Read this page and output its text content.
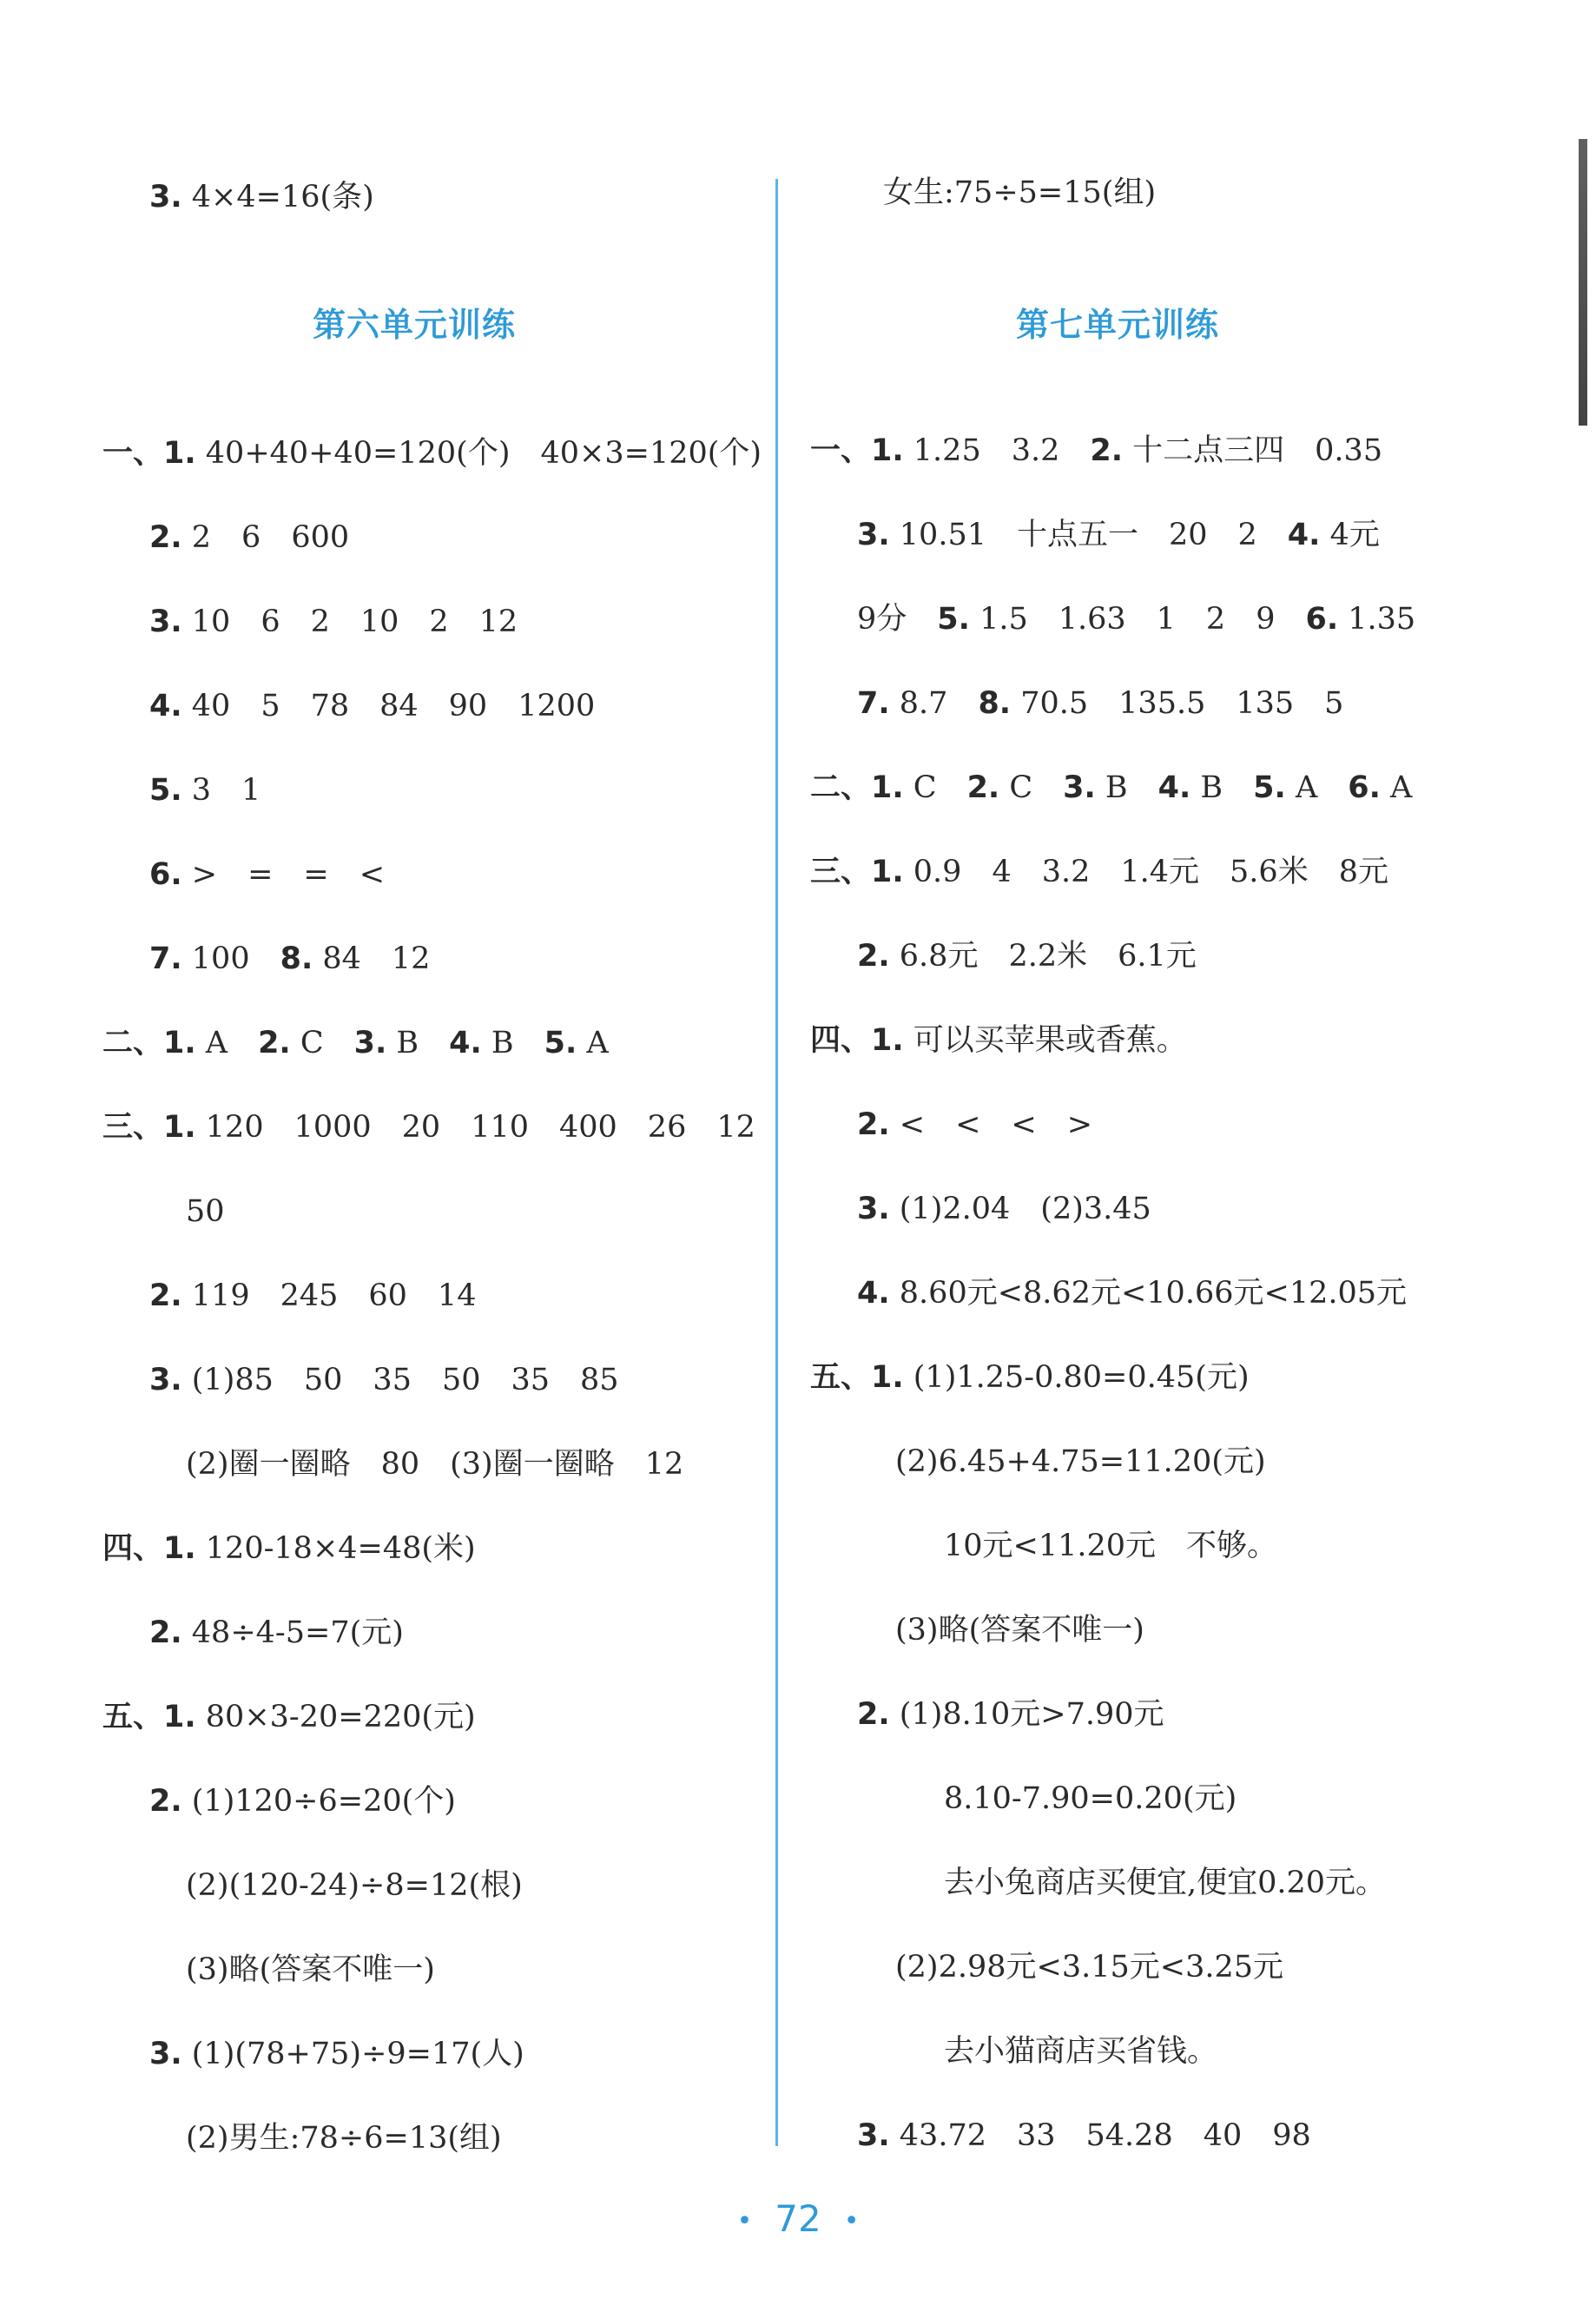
3. 4×4=16(条)
一、1. 40+40+40=120(个)　40×3=120(个)
2. 2　6　600
3. 10　6　2　10　2　12
4. 40　5　78　84　90　1200
5. 3　1
6. >　=　=　<
7. 100　8. 84　12
二、1. A　2. C　3. B　4. B　5. A
三、1. 120　1000　20　110　400　26　12
50
2. 119　245　60　14
3. (1)85　50　35　50　35　85
(2)圈一圈略　80　(3)圈一圈略　12
四、1. 120-18×4=48(米)
2. 48÷4-5=7(元)
五、1. 80×3-20=220(元)
2. (1)120÷6=20(个)
(2)(120-24)÷8=12(根)
(3)略(答案不唯一)
3. (1)(78+75)÷9=17(人)
(2)男生:78÷6=13(组)
女生:75÷5=15(组)
一、1. 1.25　3.2　2. 十二点三四　0.35
3. 10.51　十点五一　20　2　4. 4元
9分　5. 1.5　1.63　1　2　9　6. 1.35
7. 8.7　8. 70.5　135.5　135　5
二、1. C　2. C　3. B　4. B　5. A　6. A
三、1. 0.9　4　3.2　1.4元　5.6米　8元
2. 6.8元　2.2米　6.1元
四、1. 可以买苹果或香蕉。
2. <　<　<　>
3. (1)2.04　(2)3.45
4. 8.60元<8.62元<10.66元<12.05元
五、1. (1)1.25-0.80=0.45(元)
(2)6.45+4.75=11.20(元)
10元<11.20元　不够。
(3)略(答案不唯一)
2. (1)8.10元>7.90元
8.10-7.90=0.20(元)
去小兔商店买便宜,便宜0.20元。
(2)2.98元<3.15元<3.25元
去小猫商店买省钱。
3. 43.72　33　54.28　40　98
第六单元训练	第七单元训练
• 72 •
